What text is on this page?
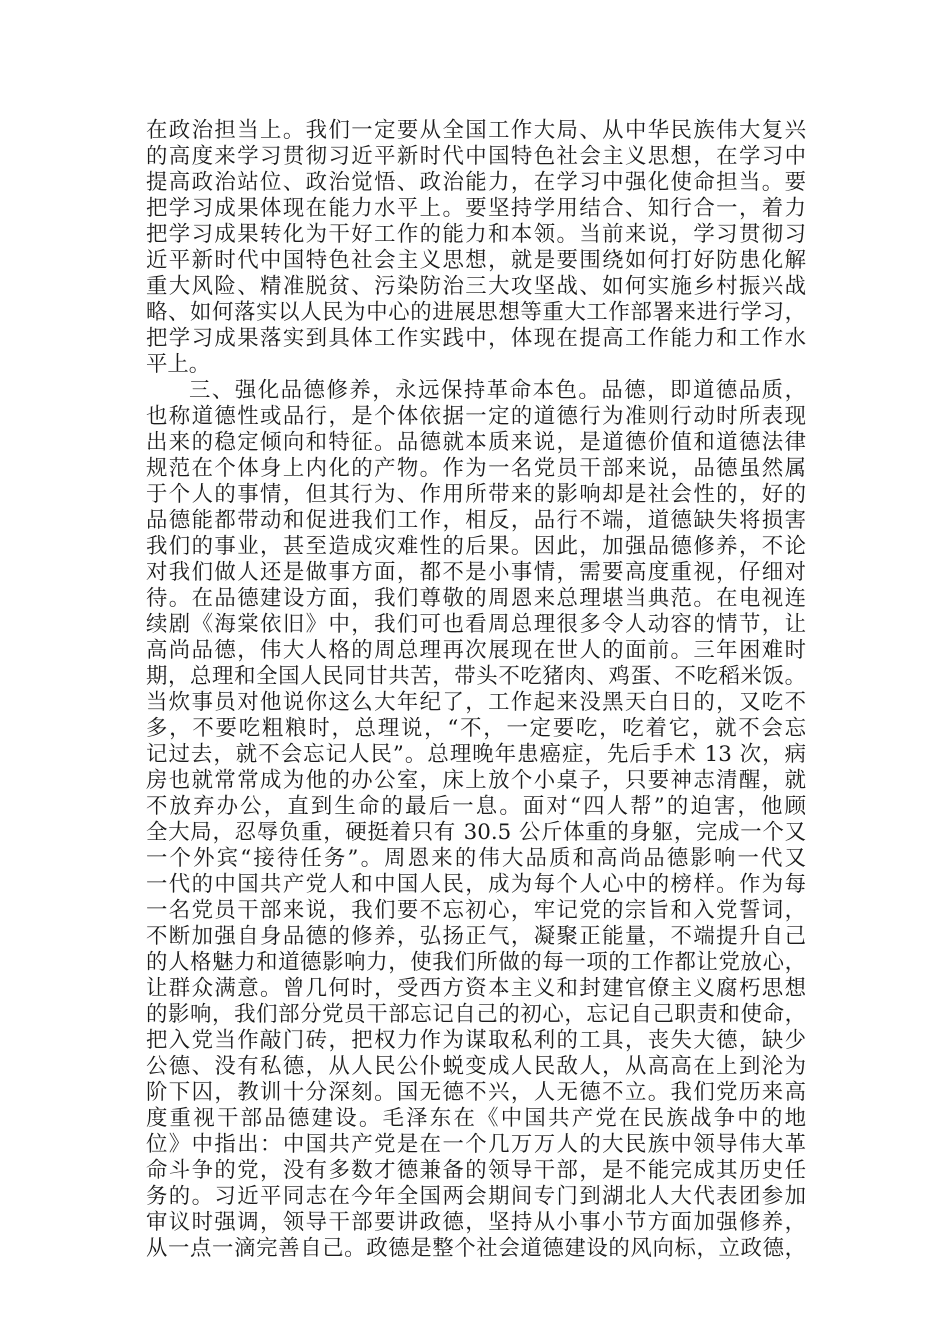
在政治担当上。我们一定要从全国工作大局、从中华民族伟大复兴
的高度来学习贯彻习近平新时代中国特色社会主义思想，在学习中
提高政治站位、政治觉悟、政治能力，在学习中强化使命担当。要
把学习成果体现在能力水平上。要坚持学用结合、知行合一，着力
把学习成果转化为干好工作的能力和本领。当前来说，学习贯彻习
近平新时代中国特色社会主义思想，就是要围绕如何打好防患化解
重大风险、精准脱贫、污染防治三大攻坚战、如何实施乡村振兴战
略、如何落实以人民为中心的进展思想等重大工作部署来进行学习，
把学习成果落实到具体工作实践中，体现在提高工作能力和工作水
平上。
三、强化品德修养，永远保持革命本色。品德，即道德品质，
也称道德性或品行，是个体依据一定的道德行为准则行动时所表现
出来的稳定倾向和特征。品德就本质来说，是道德价值和道德法律
规范在个体身上内化的产物。作为一名党员干部来说，品德虽然属
于个人的事情，但其行为、作用所带来的影响却是社会性的，好的
品德能都带动和促进我们工作，相反，品行不端，道德缺失将损害
我们的事业，甚至造成灾难性的后果。因此，加强品德修养，不论
对我们做人还是做事方面，都不是小事情，需要高度重视，仔细对
待。在品德建设方面，我们尊敬的周恩来总理堪当典范。在电视连
续剧《海棠依旧》中，我们可也看周总理很多令人动容的情节，让
高尚品德，伟大人格的周总理再次展现在世人的面前。三年困难时
期，总理和全国人民同甘共苦，带头不吃猪肉、鸡蛋、不吃稻米饭。
当炊事员对他说你这么大年纪了，工作起来没黑天白日的，又吃不
多，不要吃粗粮时，总理说，“不，一定要吃，吃着它，就不会忘
记过去，就不会忘记人民”。总理晚年患癌症，先后手术 13 次，病
房也就常常成为他的办公室，床上放个小桌子，只要神志清醒，就
不放弃办公，直到生命的最后一息。面对“四人帮”的迫害，他顾
全大局，忍辱负重，硬挺着只有 30.5 公斤体重的身躯，完成一个又
一个外宾“接待任务”。周恩来的伟大品质和高尚品德影响一代又
一代的中国共产党人和中国人民，成为每个人心中的榜样。作为每
一名党员干部来说，我们要不忘初心，牢记党的宗旨和入党誓词，
不断加强自身品德的修养，弘扬正气，凝聚正能量，不端提升自己
的人格魅力和道德影响力，使我们所做的每一项的工作都让党放心，
让群众满意。曾几何时，受西方资本主义和封建官僚主义腐朽思想
的影响，我们部分党员干部忘记自己的初心，忘记自己职责和使命，
把入党当作敲门砖，把权力作为谋取私利的工具，丧失大德，缺少
公德、没有私德，从人民公仆蜕变成人民敌人，从高高在上到沦为
阶下囚，教训十分深刻。国无德不兴，人无德不立。我们党历来高
度重视干部品德建设。毛泽东在《中国共产党在民族战争中的地
位》中指出：中国共产党是在一个几万万人的大民族中领导伟大革
命斗争的党，没有多数才德兼备的领导干部，是不能完成其历史任
务的。习近平同志在今年全国两会期间专门到湖北人大代表团参加
审议时强调，领导干部要讲政德，坚持从小事小节方面加强修养，
从一点一滴完善自己。政德是整个社会道德建设的风向标，立政德，
